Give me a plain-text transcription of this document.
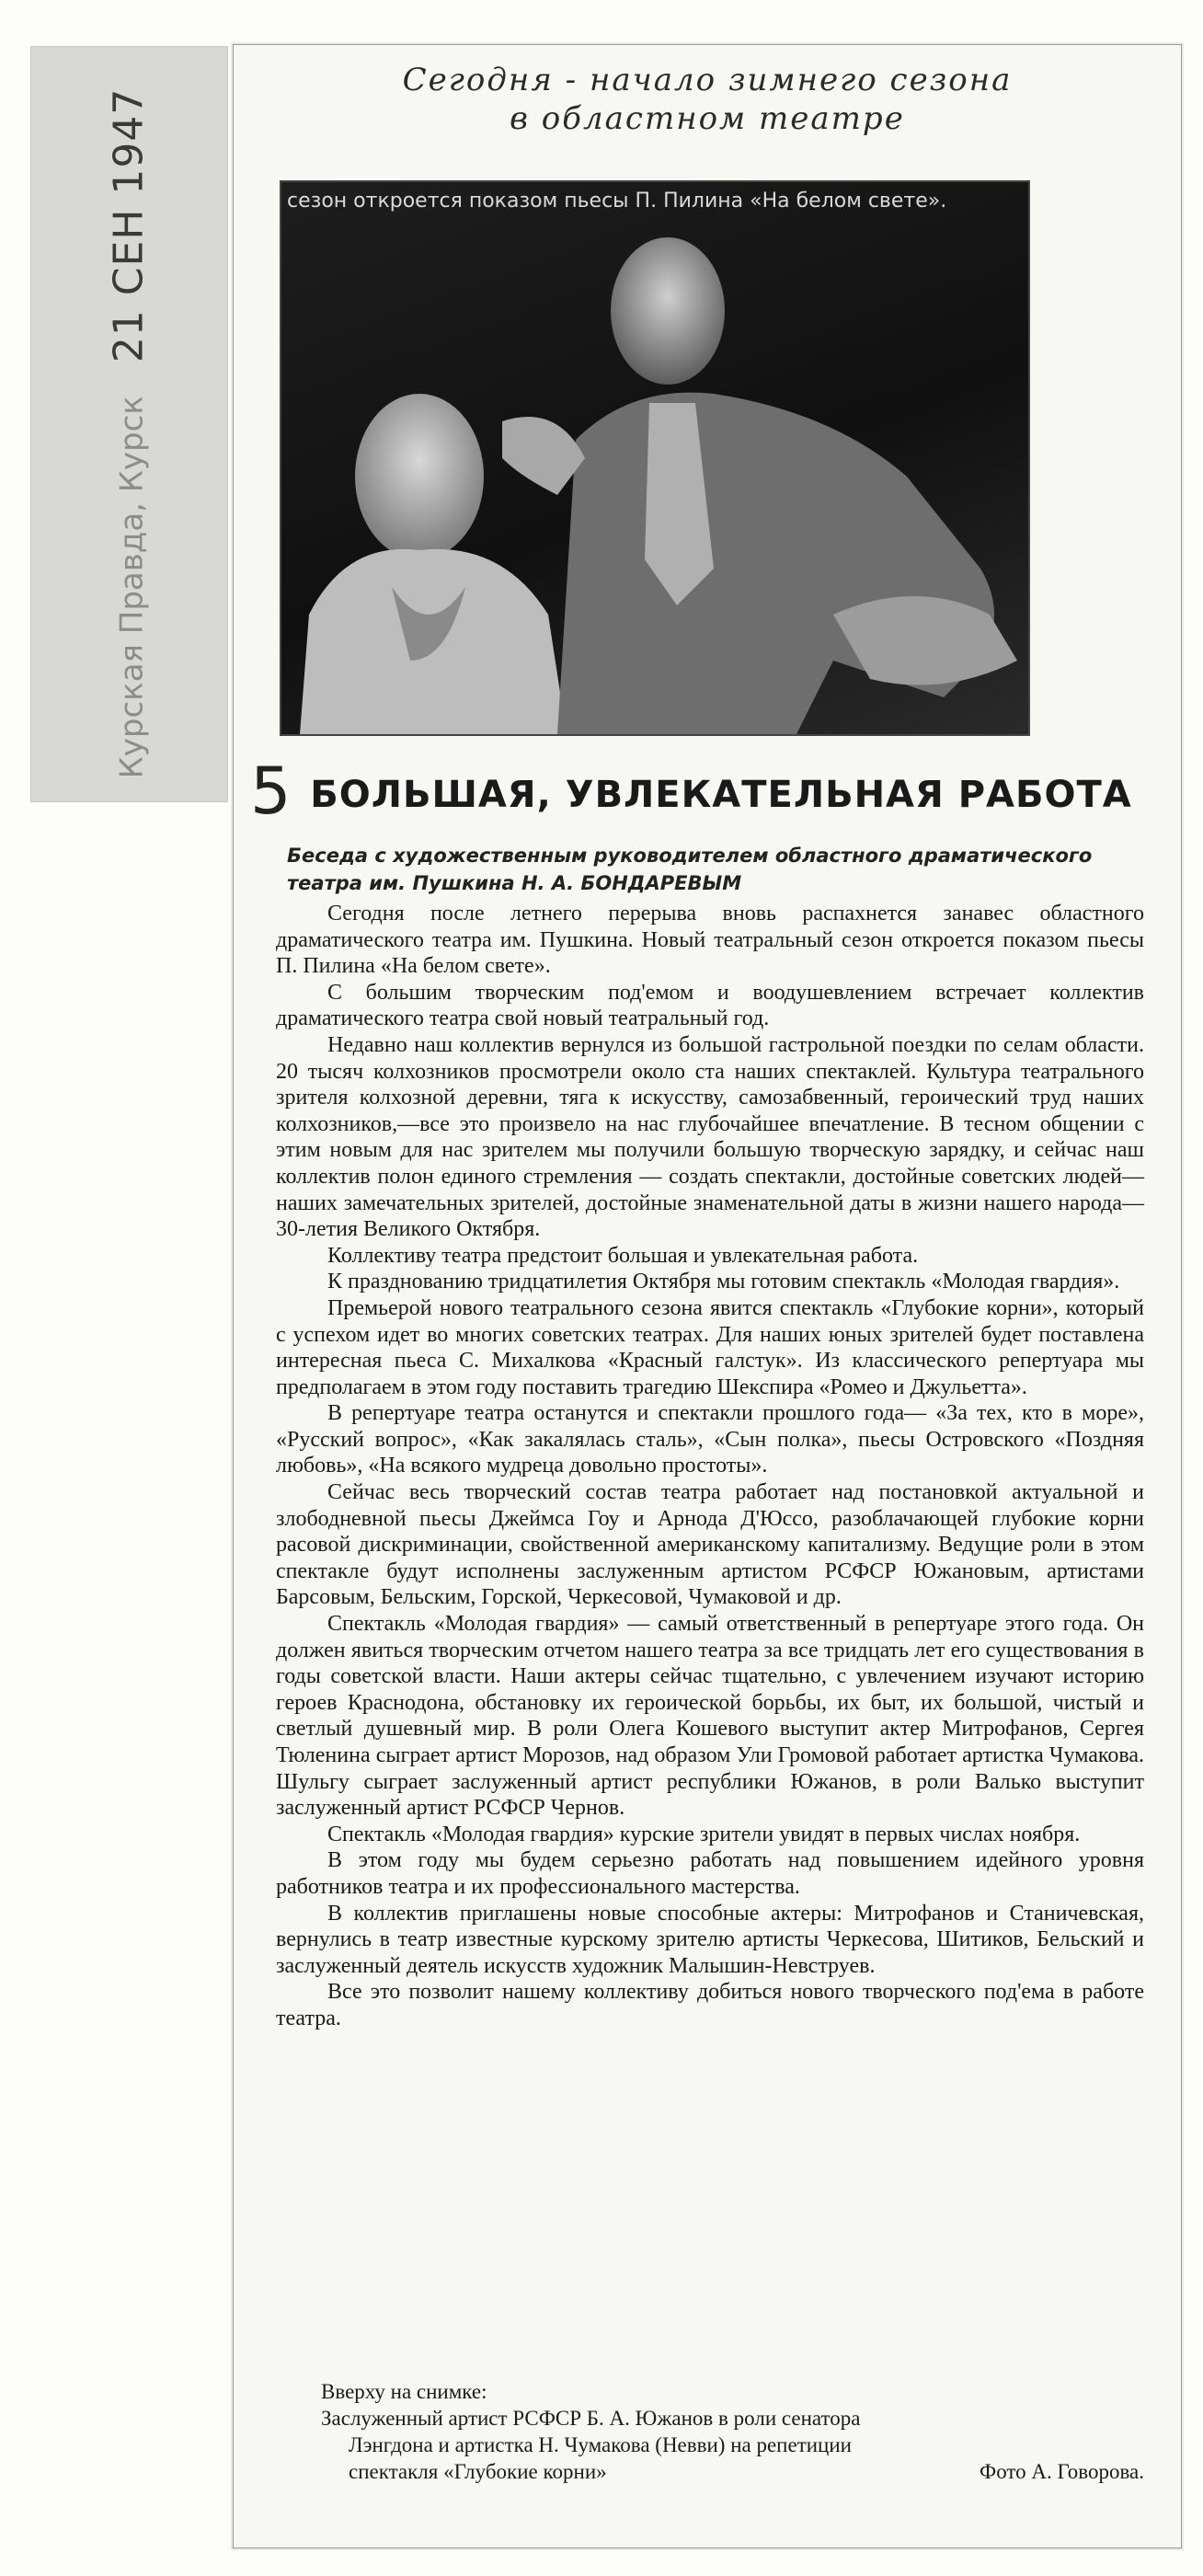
Курская Правда, Курск
21 СЕН 1947
Сегодня - начало зимнего сезона
в областном театре
сезон откроется показом пьесы П. Пилина «На белом свете».
5 БОЛЬШАЯ, УВЛЕКАТЕЛЬНАЯ РАБОТА
Беседа с художественным руководителем областного драматического театра им. Пушкина Н. А. БОНДАРЕВЫМ

Сегодня после летнего перерыва вновь распахнется занавес областного драматического театра им. Пушкина. Новый театральный сезон откроется показом пьесы П. Пилина «На белом свете».

С большим творческим под'емом и воодушевлением встречает коллектив драматического театра свой новый театральный год.

Недавно наш коллектив вернулся из большой гастрольной поездки по селам области. 20 тысяч колхозников просмотрели около ста наших спектаклей. Культура театрального зрителя колхозной деревни, тяга к искусству, самозабвенный, героический труд наших колхозников,—все это произвело на нас глубочайшее впечатление. В тесном общении с этим новым для нас зрителем мы получили большую творческую зарядку, и сейчас наш коллектив полон единого стремления — создать спектакли, достойные советских людей—наших замечательных зрителей, достойные знаменательной даты в жизни нашего народа—30-летия Великого Октября.

Коллективу театра предстоит большая и увлекательная работа.

К празднованию тридцатилетия Октября мы готовим спектакль «Молодая гвардия».

Премьерой нового театрального сезона явится спектакль «Глубокие корни», который с успехом идет во многих советских театрах. Для наших юных зрителей будет поставлена интересная пьеса С. Михалкова «Красный галстук». Из классического репертуара мы предполагаем в этом году поставить трагедию Шекспира «Ромео и Джульетта».

В репертуаре театра останутся и спектакли прошлого года— «За тех, кто в море», «Русский вопрос», «Как закалялась сталь», «Сын полка», пьесы Островского «Поздняя любовь», «На всякого мудреца довольно простоты».

Сейчас весь творческий состав театра работает над постановкой актуальной и злободневной пьесы Джеймса Гоу и Арнода Д'Юссо, разоблачающей глубокие корни расовой дискриминации, свойственной американскому капитализму. Ведущие роли в этом спектакле будут исполнены заслуженным артистом РСФСР Южановым, артистами Барсовым, Бельским, Горской, Черкесовой, Чумаковой и др.

Спектакль «Молодая гвардия» — самый ответственный в репертуаре этого года. Он должен явиться творческим отчетом нашего театра за все тридцать лет его существования в годы советской власти. Наши актеры сейчас тщательно, с увлечением изучают историю героев Краснодона, обстановку их героической борьбы, их быт, их большой, чистый и светлый душевный мир. В роли Олега Кошевого выступит актер Митрофанов, Сергея Тюленина сыграет артист Морозов, над образом Ули Громовой работает артистка Чумакова. Шульгу сыграет заслуженный артист республики Южанов, в роли Валько выступит заслуженный артист РСФСР Чернов.

Спектакль «Молодая гвардия» курские зрители увидят в первых числах ноября.

В этом году мы будем серьезно работать над повышением идейного уровня работников театра и их профессионального мастерства.

В коллектив приглашены новые способные актеры: Митрофанов и Станичевская, вернулись в театр известные курскому зрителю артисты Черкесова, Шитиков, Бельский и заслуженный деятель искусств художник Малышин-Невструев.

Все это позволит нашему коллективу добиться нового творческого под'ема в работе театра.

Вверху на снимке:
Заслуженный артист РСФСР Б. А. Южанов в роли сенатора
Лэнгдона и артистка Н. Чумакова (Невви) на репетиции
спектакля «Глубокие корни»	Фото А. Говорова.
